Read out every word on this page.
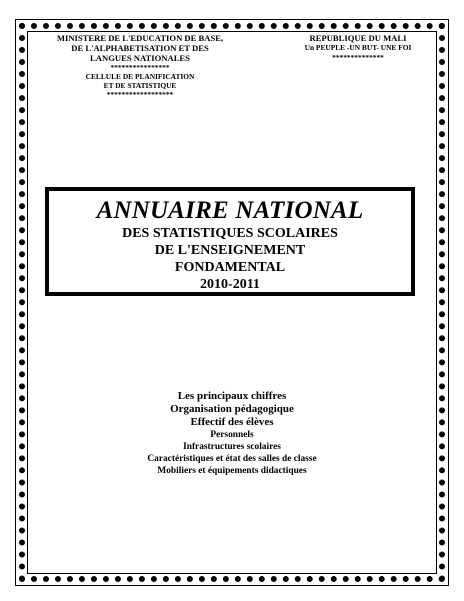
MINISTERE DE L'EDUCATION DE BASE,
DE L'ALPHABETISATION ET DES
LANGUES NATIONALES
****************
CELLULE DE PLANIFICATION
ET DE STATISTIQUE
******************
REPUBLIQUE DU MALI
Un PEUPLE -UN BUT- UNE FOI
**************
ANNUAIRE NATIONAL
DES STATISTIQUES SCOLAIRES
DE L'ENSEIGNEMENT
FONDAMENTAL
2010-2011
Les principaux chiffres
Organisation pédagogique
Effectif des élèves
Personnels
Infrastructures scolaires
Caractéristiques et état des salles de classe
Mobiliers et équipements didactiques
